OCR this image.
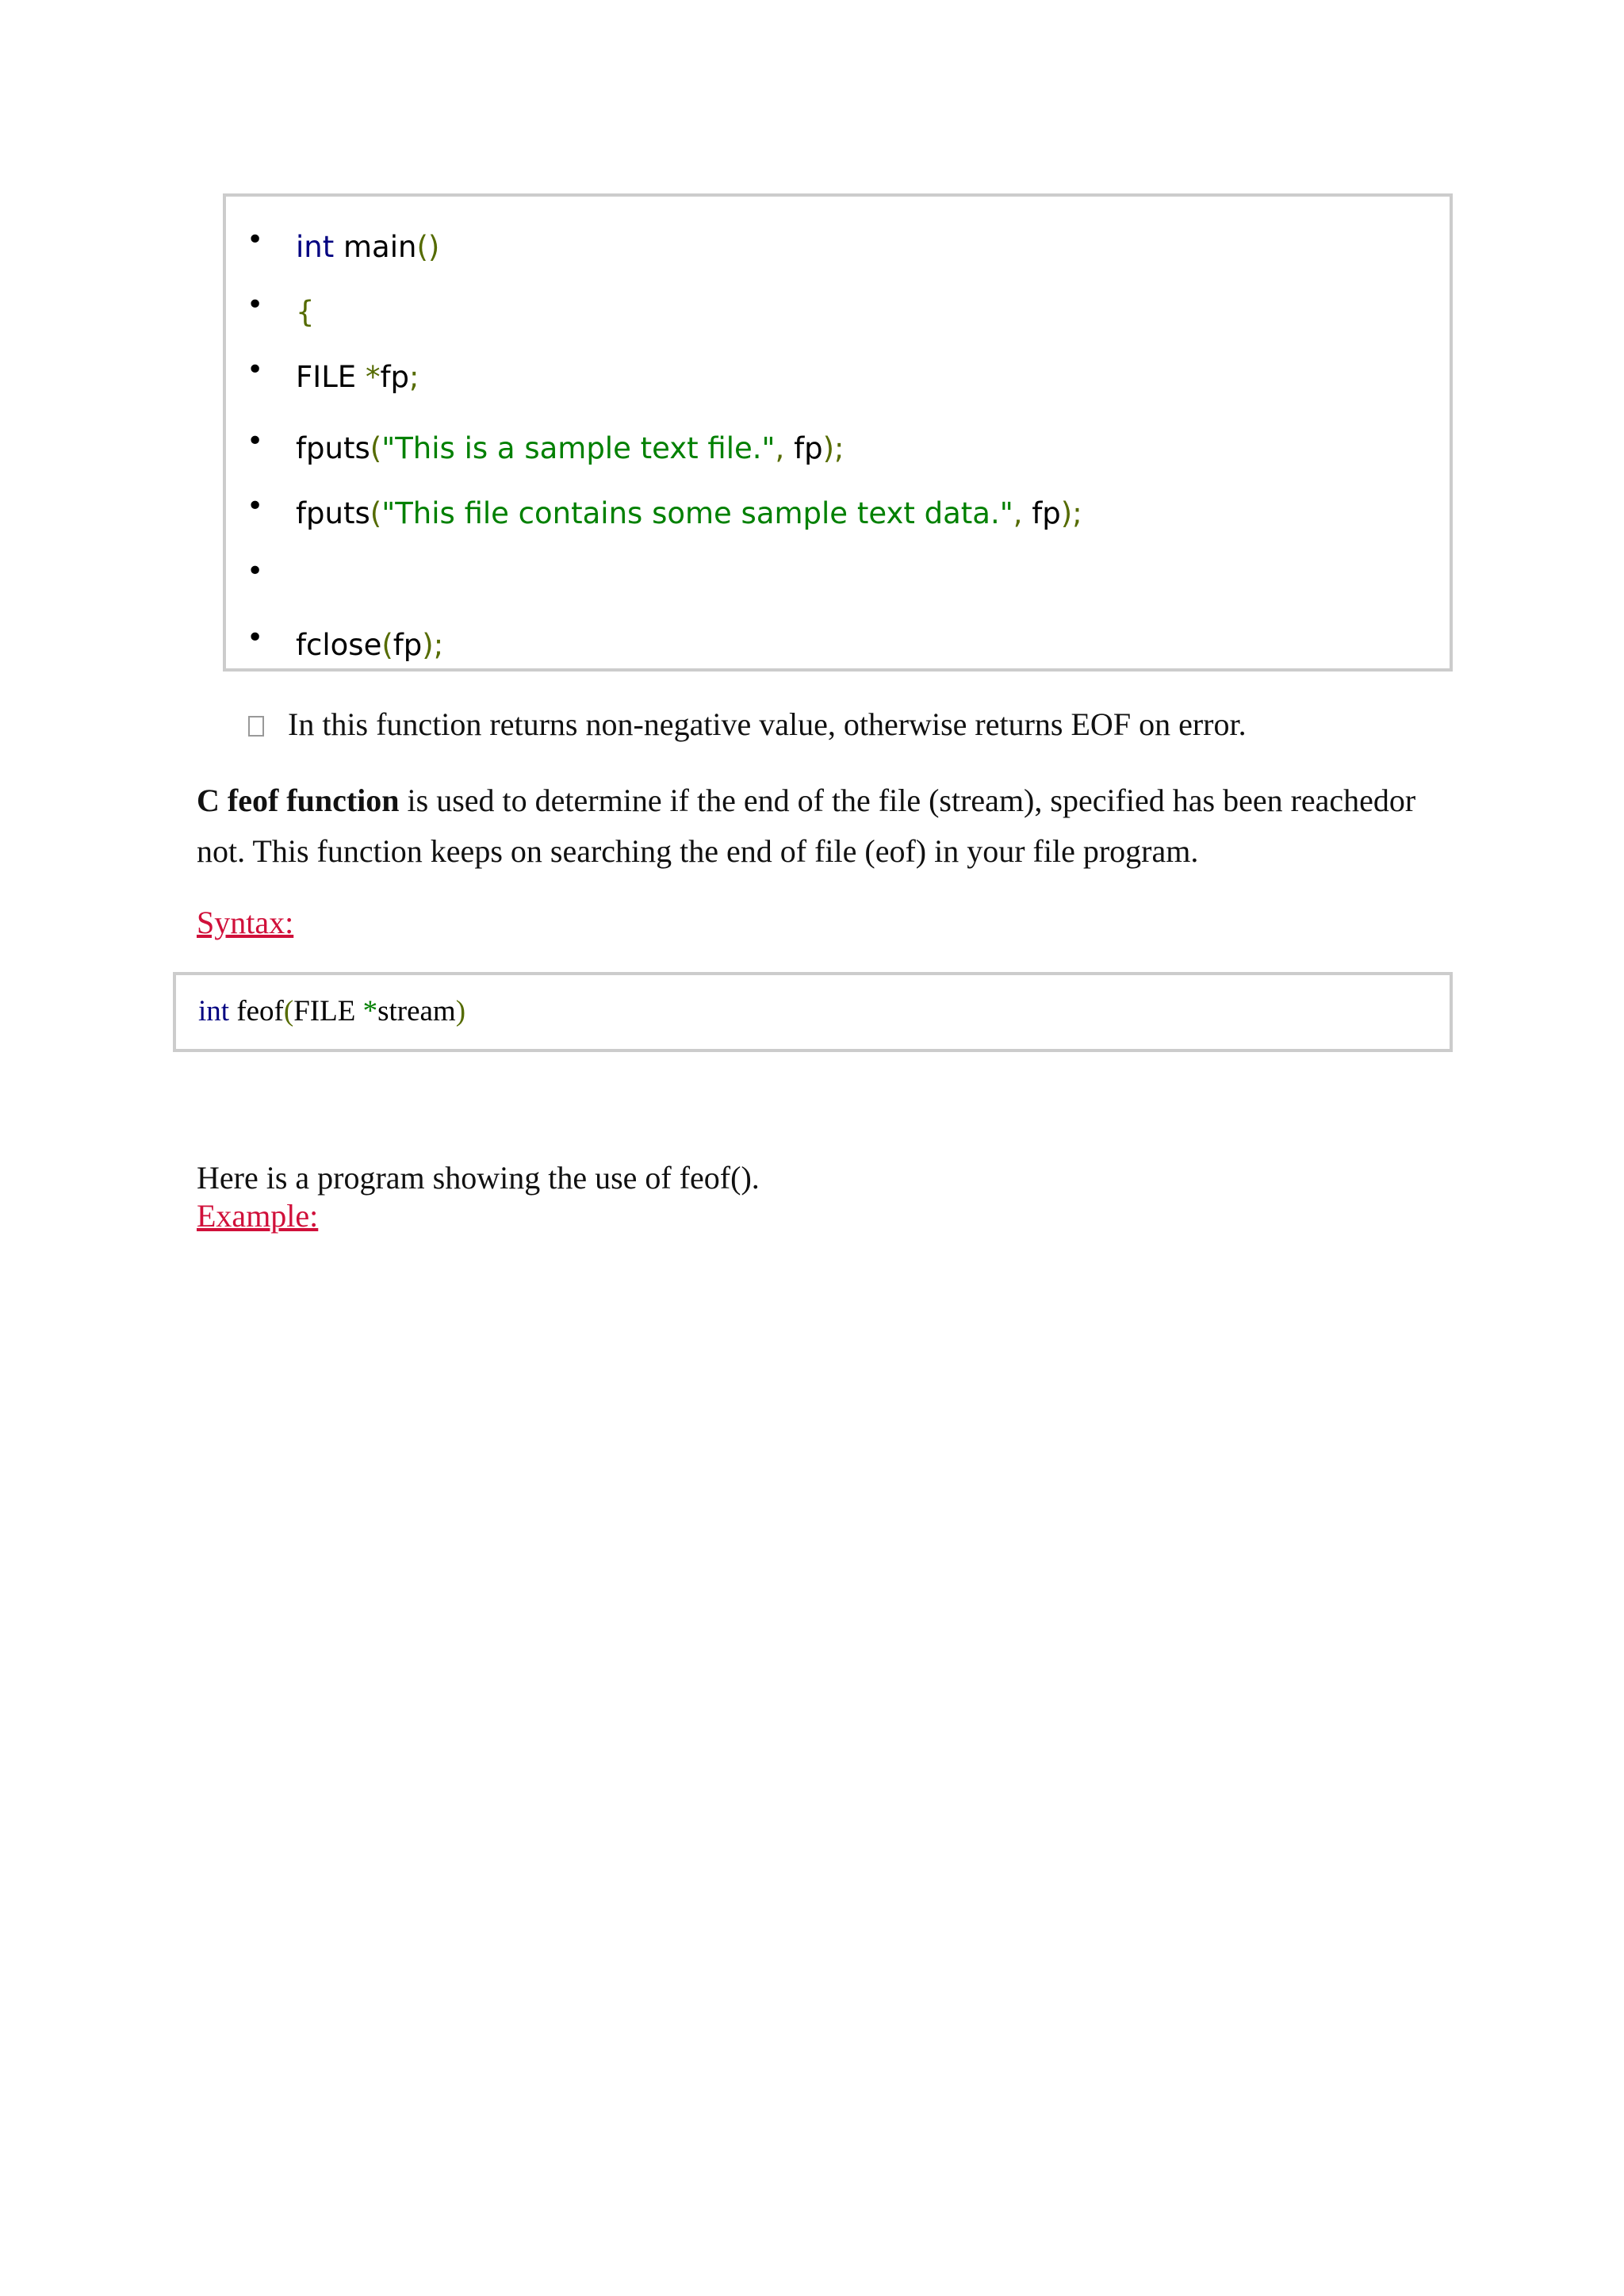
• int main()
• {
• FILE *fp;
• fputs("This is a sample text file.", fp);
• fputs("This file contains some sample text data.", fp);
•
• fclose(fp);
In this function returns non-negative value, otherwise returns EOF on error.
C feof function is used to determine if the end of the file (stream), specified has been reachedor not. This function keeps on searching the end of file (eof) in your file program.
Syntax:
int feof(FILE *stream)
Here is a program showing the use of feof().
Example:
